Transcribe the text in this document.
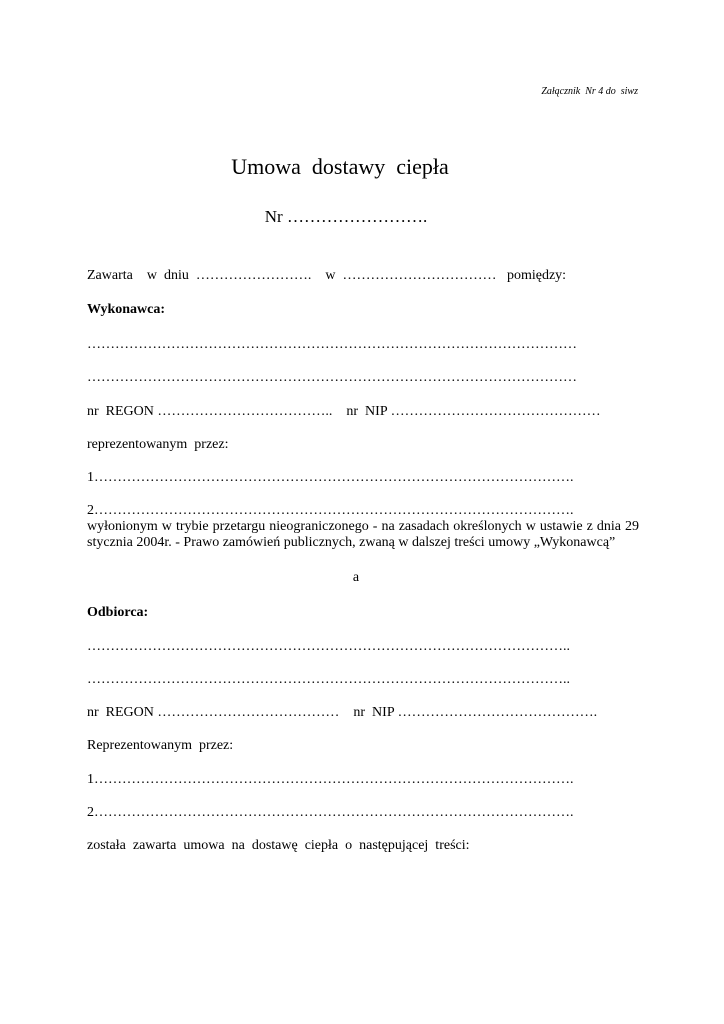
Załącznik  Nr 4 do  siwz
Umowa  dostawy  ciepła
Nr …………………….
Zawarta    w  dniu  …………………….    w  ……………………………   pomiędzy:
Wykonawca:
……………………………………………………………………………………………
……………………………………………………………………………………………
nr  REGON ………………………………..    nr  NIP ………………………………………
reprezentowanym  przez:
1………………………………………………………………………………………….
2………………………………………………………………………………………….
wyłonionym w trybie przetargu nieograniczonego - na zasadach określonych w ustawie z dnia 29 stycznia 2004r. - Prawo zamówień publicznych, zwaną w dalszej treści umowy „Wykonawcą”
a
Odbiorca:
…………………………………………………………………………………………..
…………………………………………………………………………………………..
nr  REGON …………………………………    nr  NIP …………………………………….
Reprezentowanym  przez:
1………………………………………………………………………………………….
2………………………………………………………………………………………….
została  zawarta  umowa  na  dostawę  ciepła  o  następującej  treści:
